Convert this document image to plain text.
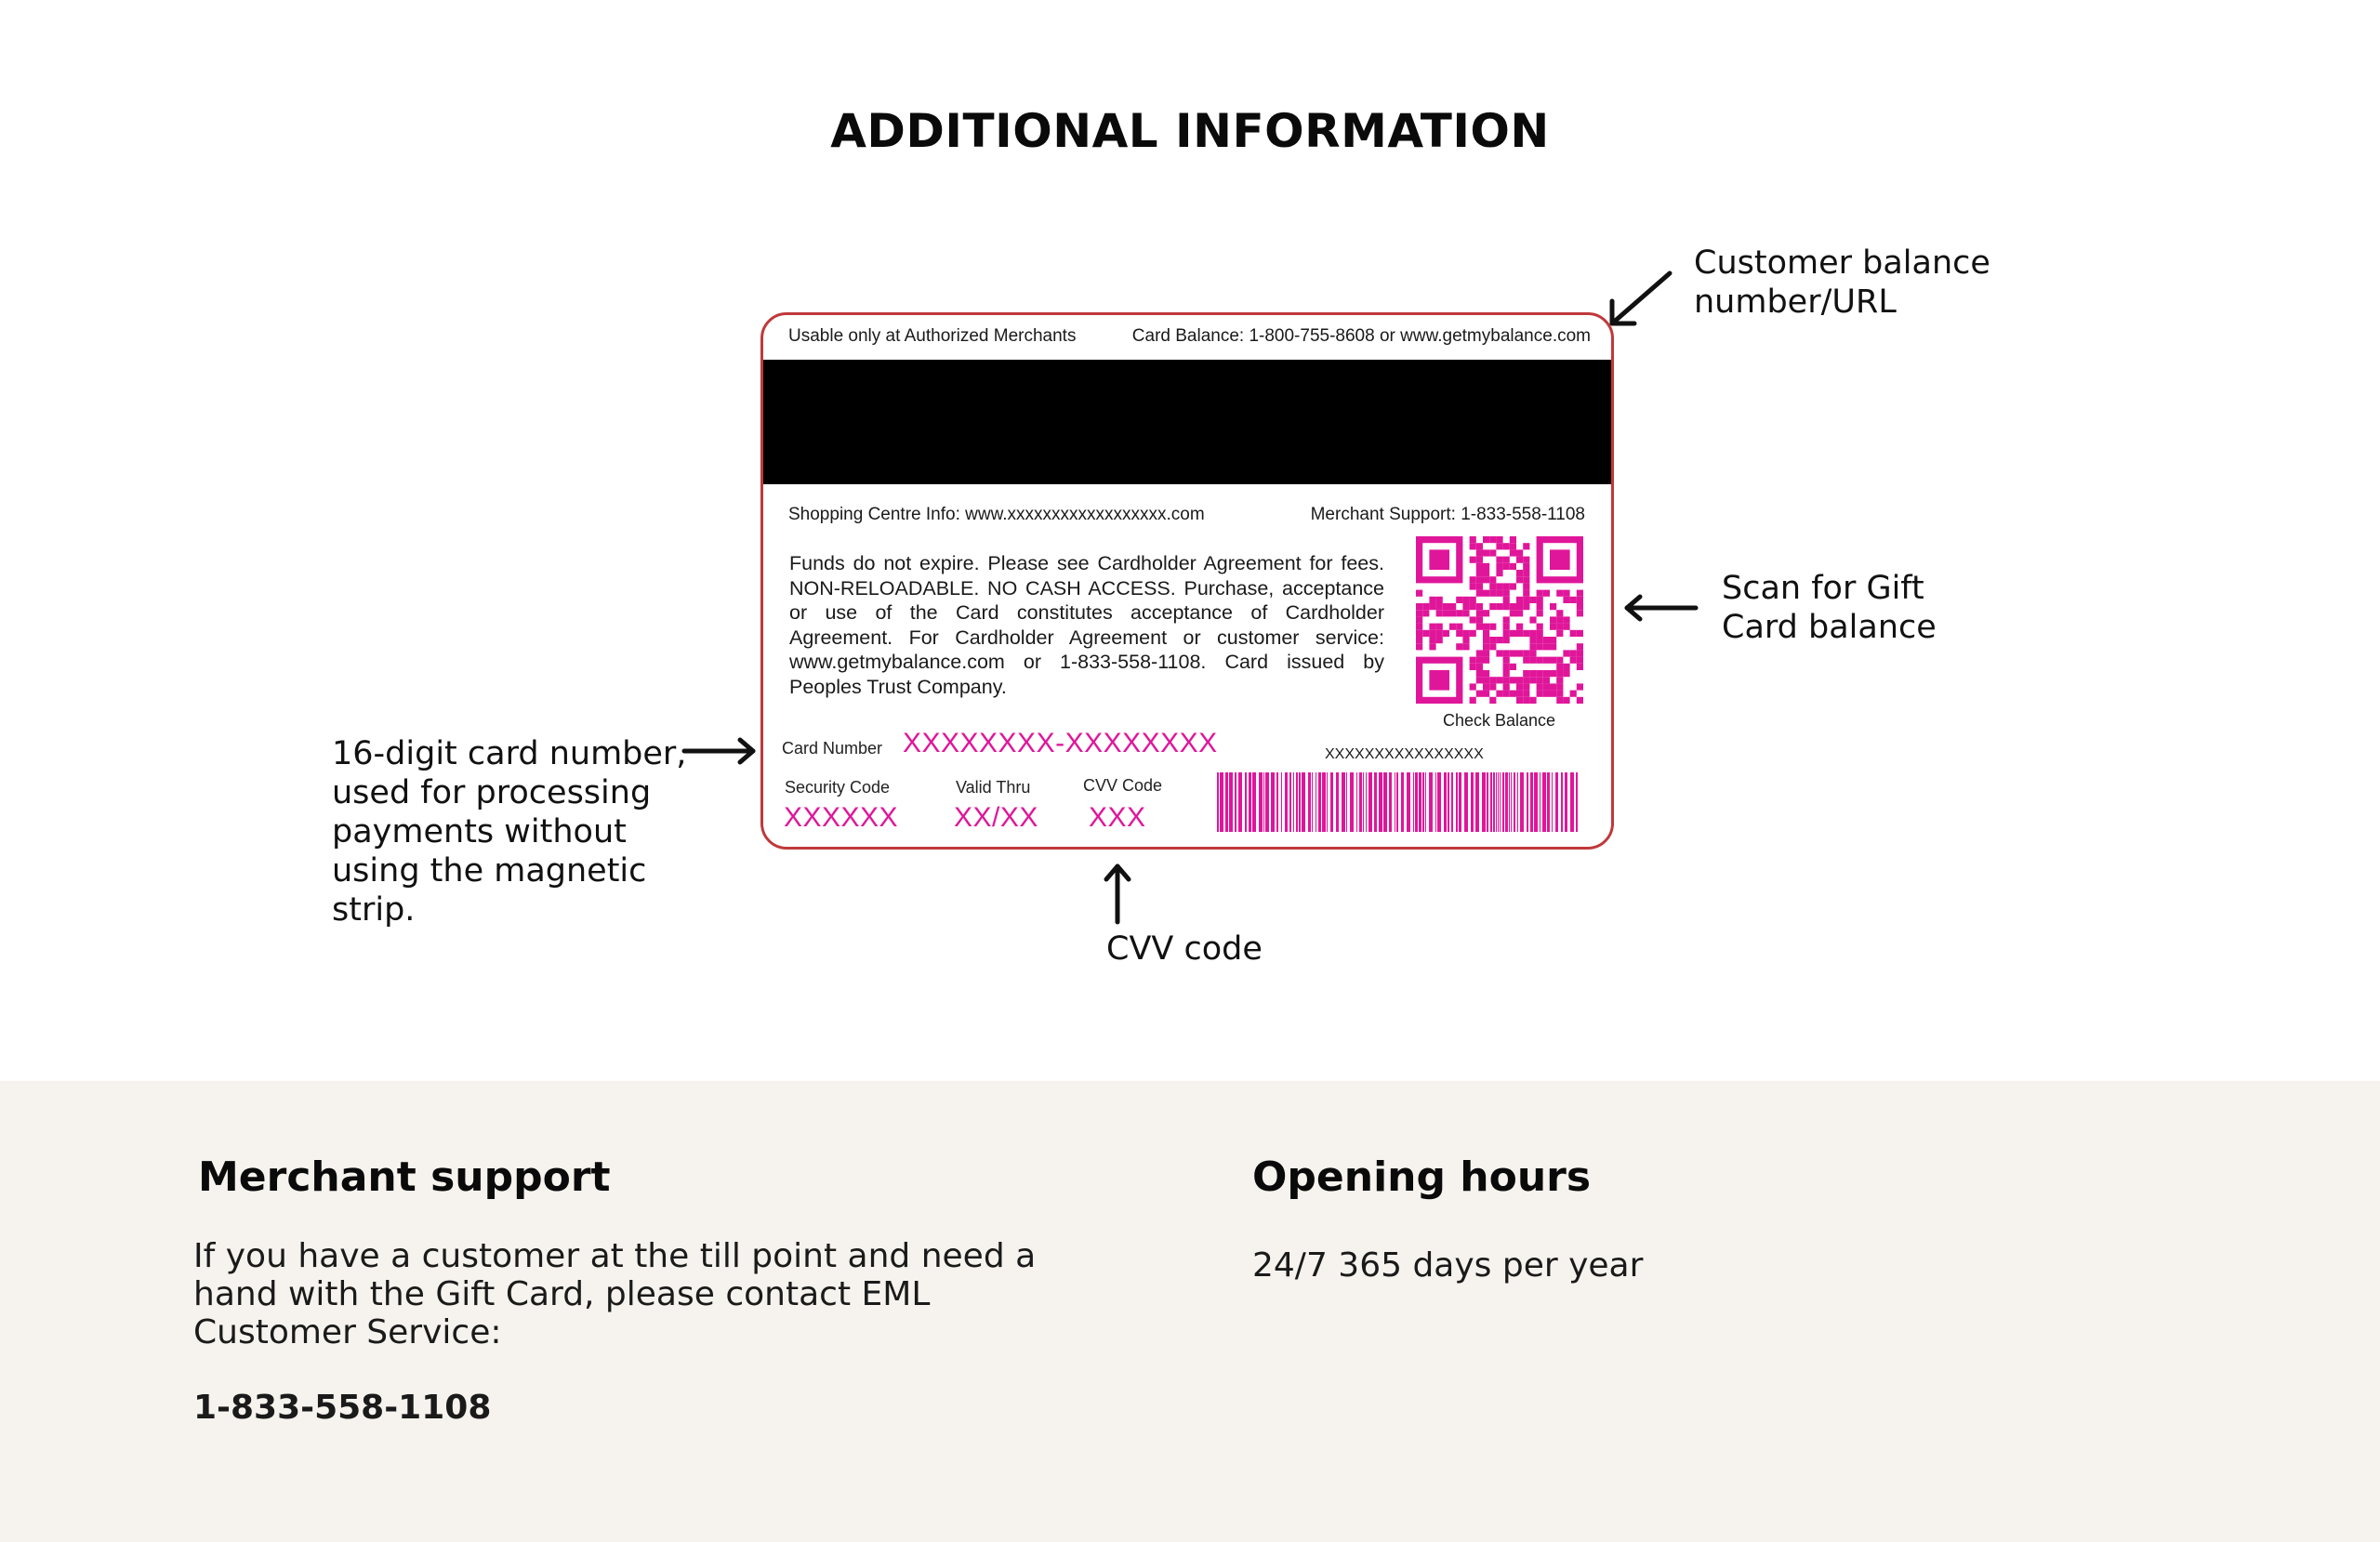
ADDITIONAL INFORMATION
Usable only at Authorized Merchants	Card Balance: 1-800-755-8608 or www.getmybalance.com
Shopping Centre Info: www.xxxxxxxxxxxxxxxxxx.com	Merchant Support: 1-833-558-1108
Funds do not expire. Please see Cardholder Agreement for fees. NON-RELOADABLE. NO CASH ACCESS. Purchase, acceptance or use of the Card constitutes acceptance of Cardholder Agreement. For Cardholder Agreement or customer service: www.getmybalance.com or 1-833-558-1108. Card issued by Peoples Trust Company.
Check Balance
Card Number XXXXXXXX-XXXXXXXX	XXXXXXXXXXXXXXXX
Security Code
XXXXXX
Valid Thru
XX/XX
CVV Code
XXX
Customer balance
number/URL
Scan for Gift
Card balance
16-digit card number,
used for processing
payments without
using the magnetic
strip.
CVV code
Merchant support

If you have a customer at the till point and need a
hand with the Gift Card, please contact EML
Customer Service:

1-833-558-1108

Opening hours

24/7 365 days per year
